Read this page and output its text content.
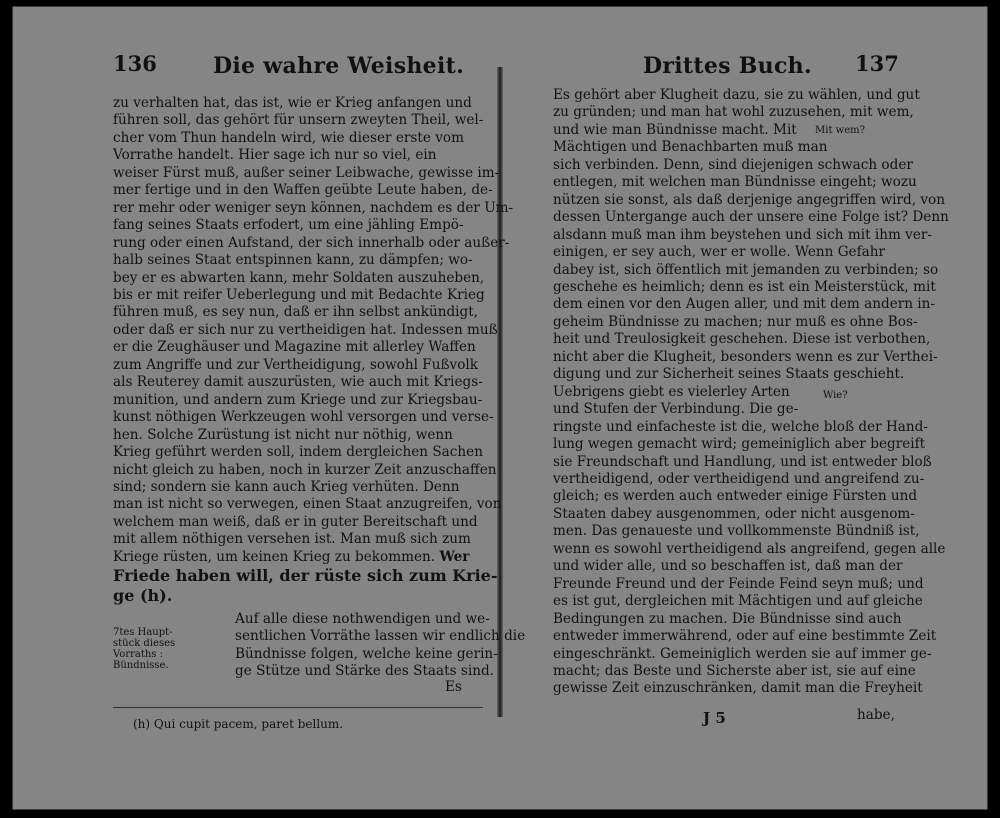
136	Die wahre Weisheit.
zu verhalten hat, das ist, wie er Krieg anfangen und
führen soll, das gehört für unsern zweyten Theil, wel-
cher vom Thun handeln wird, wie dieser erste vom
Vorrathe handelt. Hier sage ich nur so viel, ein
weiser Fürst muß, außer seiner Leibwache, gewisse im-
mer fertige und in den Waffen geübte Leute haben, de-
rer mehr oder weniger seyn können, nachdem es der Um-
fang seines Staats erfodert, um eine jähling Empö-
rung oder einen Aufstand, der sich innerhalb oder außer-
halb seines Staat entspinnen kann, zu dämpfen; wo-
bey er es abwarten kann, mehr Soldaten auszuheben,
bis er mit reifer Ueberlegung und mit Bedachte Krieg
führen muß, es sey nun, daß er ihn selbst ankündigt,
oder daß er sich nur zu vertheidigen hat. Indessen muß
er die Zeughäuser und Magazine mit allerley Waffen
zum Angriffe und zur Vertheidigung, sowohl Fußvolk
als Reuterey damit auszurüsten, wie auch mit Kriegs-
munition, und andern zum Kriege und zur Kriegsbau-
kunst nöthigen Werkzeugen wohl versorgen und verse-
hen. Solche Zurüstung ist nicht nur nöthig, wenn
Krieg geführt werden soll, indem dergleichen Sachen
nicht gleich zu haben, noch in kurzer Zeit anzuschaffen
sind; sondern sie kann auch Krieg verhüten. Denn
man ist nicht so verwegen, einen Staat anzugreifen, von
welchem man weiß, daß er in guter Bereitschaft und
mit allem nöthigen versehen ist. Man muß sich zum
Kriege rüsten, um keinen Krieg zu bekommen. Wer
Friede haben will, der rüste sich zum Krie-
ge (h).
7tes Haupt-
stück dieses
Vorraths :
Bündnisse.
Auf alle diese nothwendigen und we-
sentlichen Vorräthe lassen wir endlich die
Bündnisse folgen, welche keine gerin-
ge Stütze und Stärke des Staats sind.
Es
(h) Qui cupit pacem, paret bellum.
Drittes Buch. 137
Es gehört aber Klugheit dazu, sie zu wählen, und gut
zu gründen; und man hat wohl zuzusehen, mit wem,
und wie man Bündnisse macht. Mit
Mächtigen und Benachbarten muß man
sich verbinden. Denn, sind diejenigen schwach oder
entlegen, mit welchen man Bündnisse eingeht; wozu
nützen sie sonst, als daß derjenige angegriffen wird, von
dessen Untergange auch der unsere eine Folge ist? Denn
alsdann muß man ihm beystehen und sich mit ihm ver-
einigen, er sey auch, wer er wolle. Wenn Gefahr
dabey ist, sich öffentlich mit jemanden zu verbinden; so
geschehe es heimlich; denn es ist ein Meisterstück, mit
dem einen vor den Augen aller, und mit dem andern in-
geheim Bündnisse zu machen; nur muß es ohne Bos-
heit und Treulosigkeit geschehen. Diese ist verbothen,
nicht aber die Klugheit, besonders wenn es zur Verthei-
digung und zur Sicherheit seines Staats geschieht.
Uebrigens giebt es vielerley Arten
und Stufen der Verbindung. Die ge-
ringste und einfacheste ist die, welche bloß der Hand-
lung wegen gemacht wird; gemeiniglich aber begreift
sie Freundschaft und Handlung, und ist entweder bloß
vertheidigend, oder vertheidigend und angreifend zu-
gleich; es werden auch entweder einige Fürsten und
Staaten dabey ausgenommen, oder nicht ausgenom-
men. Das genaueste und vollkommenste Bündniß ist,
wenn es sowohl vertheidigend als angreifend, gegen alle
und wider alle, und so beschaffen ist, daß man der
Freunde Freund und der Feinde Feind seyn muß; und
es ist gut, dergleichen mit Mächtigen und auf gleiche
Bedingungen zu machen. Die Bündnisse sind auch
entweder immerwährend, oder auf eine bestimmte Zeit
eingeschränkt. Gemeiniglich werden sie auf immer ge-
macht; das Beste und Sicherste aber ist, sie auf eine
gewisse Zeit einzuschränken, damit man die Freyheit
Mit wem?
Wie?
J 5	habe,
